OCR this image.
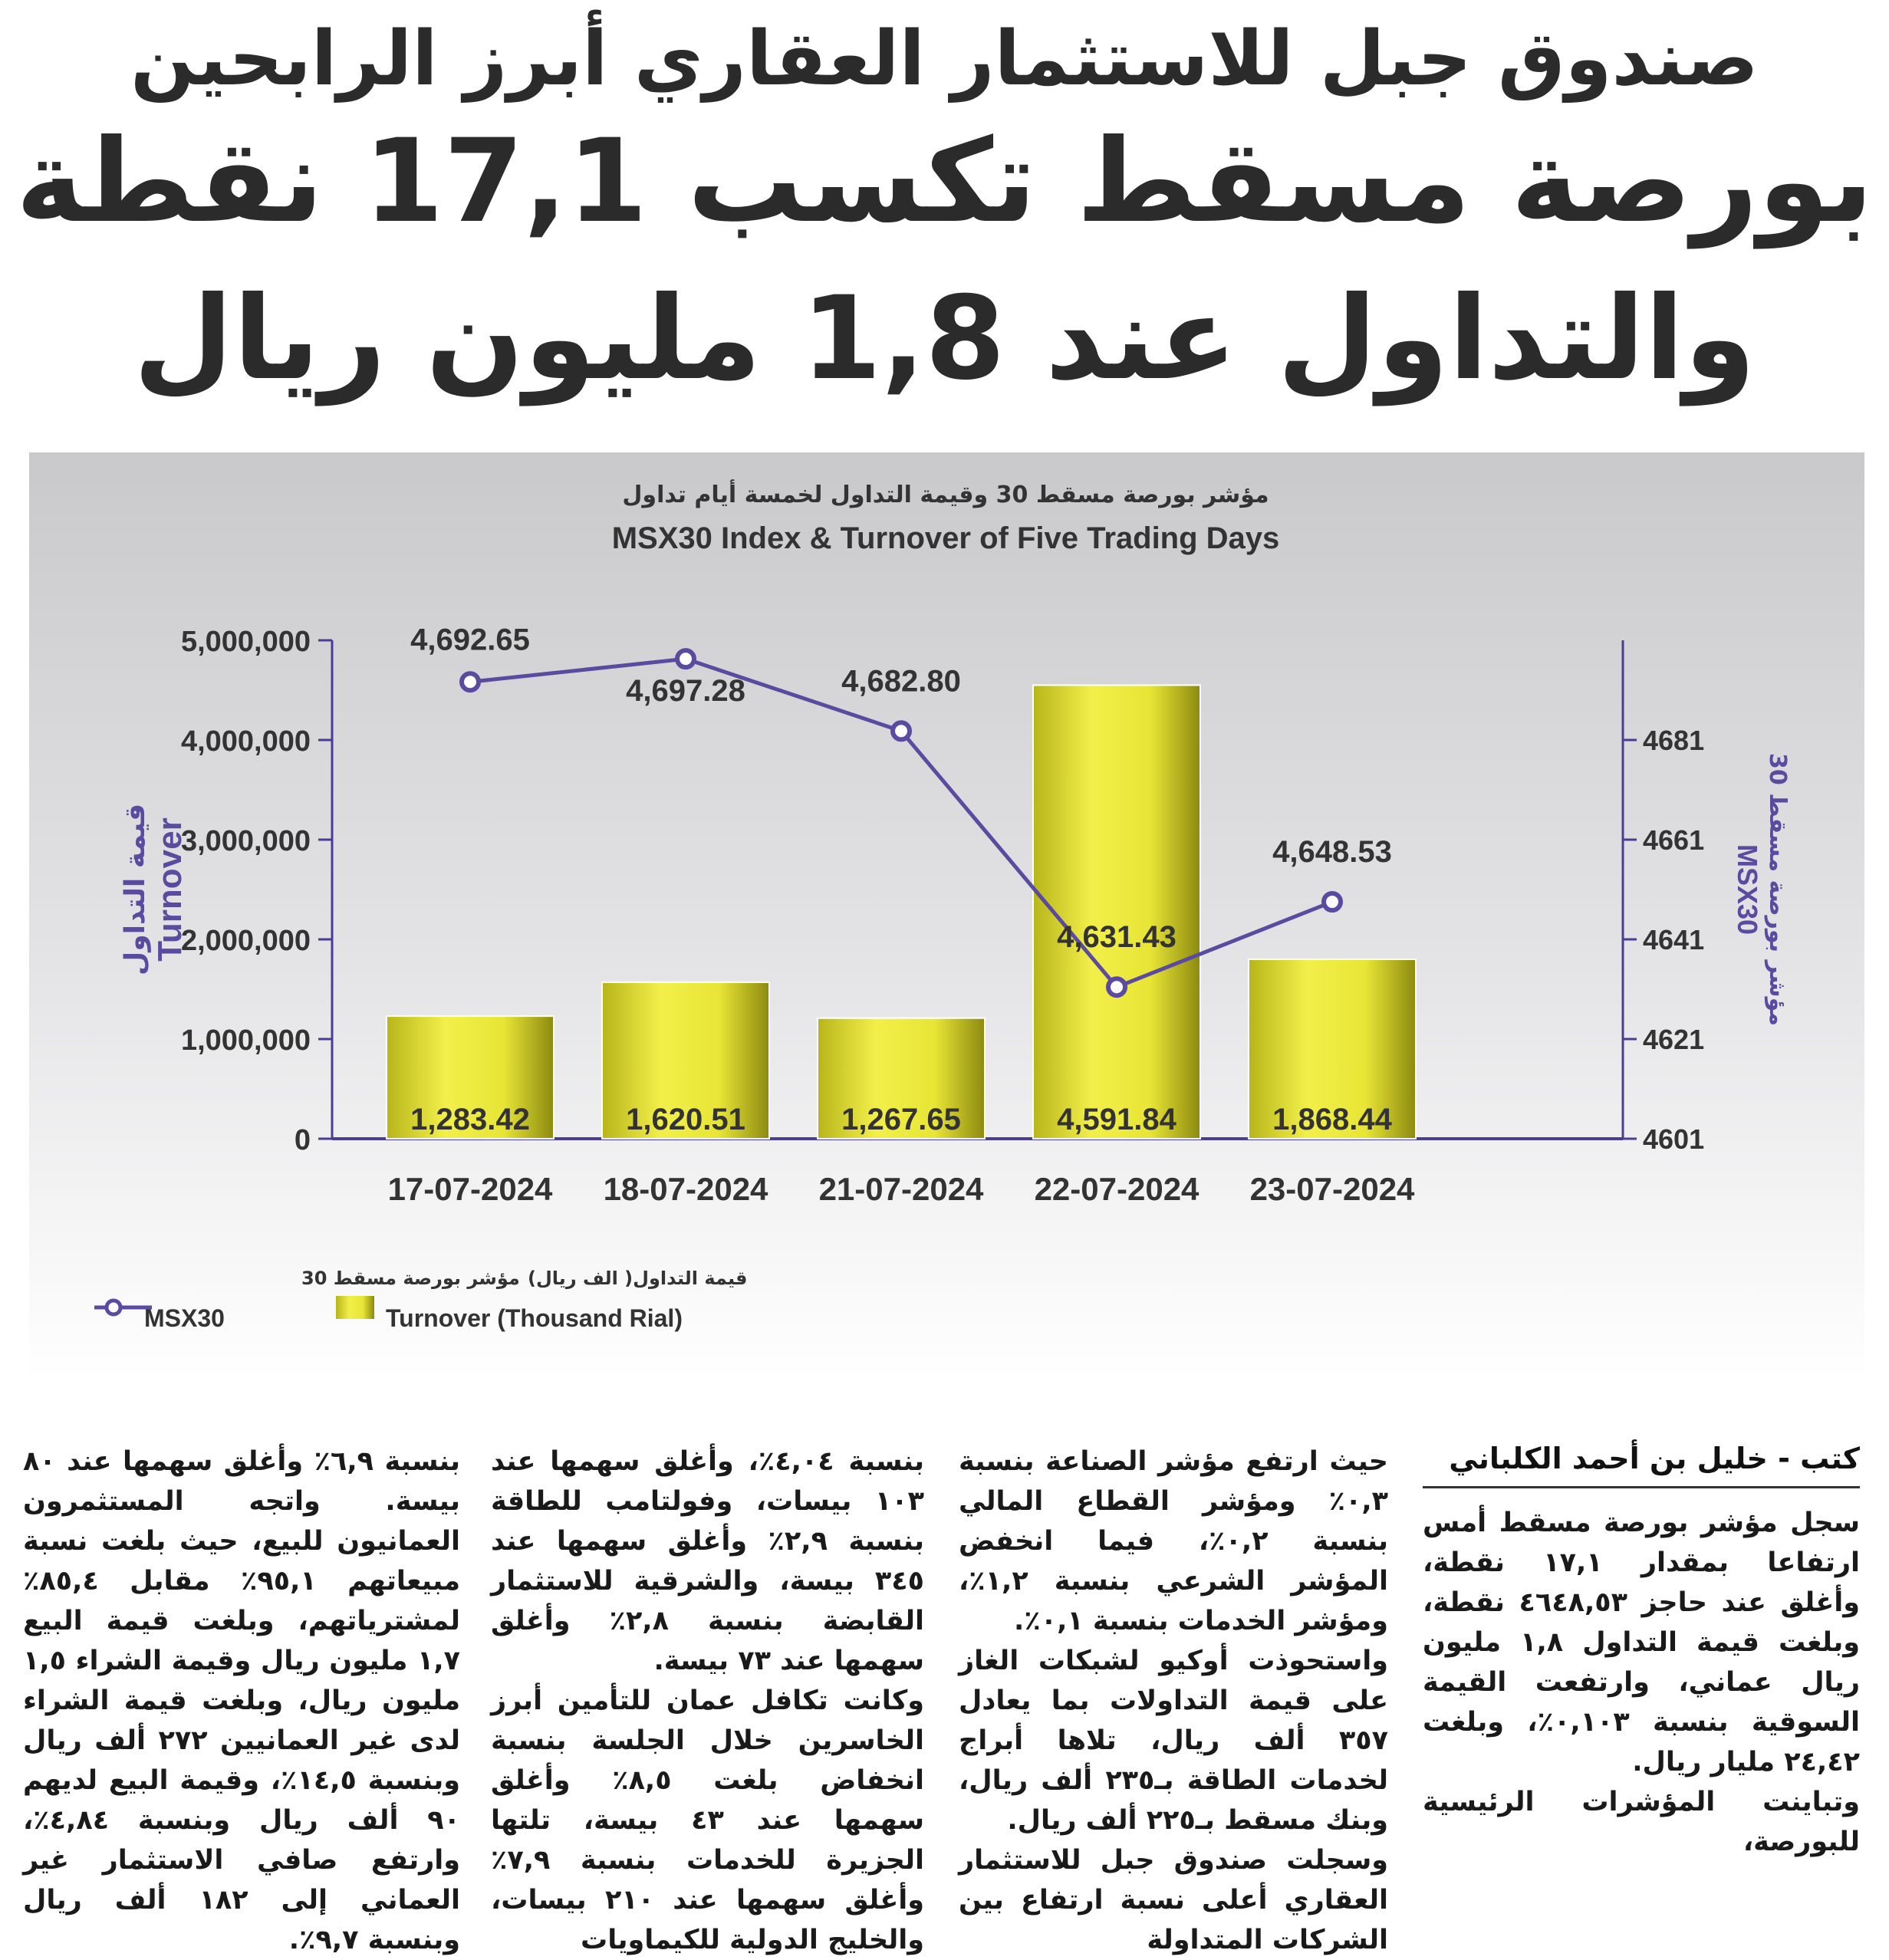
صندوق جبل للاستثمار العقاري أبرز الرابحين
بورصة مسقط تكسب 17,1 نقطة
والتداول عند 1,8 مليون ريال
مؤشر بورصة مسقط 30 وقيمة التداول لخمسة أيام تداول
MSX30 Index & Turnover of Five Trading Days
0
1,000,000
2,000,000
3,000,000
4,000,000
5,000,000
4601
4621
4641
4661
4681
1,283.42	1,620.51	1,267.65	4,591.84	1,868.44
4,692.65
4,697.28	4,682.80
4,631.43
4,648.53
17-07-2024 18-07-2024 21-07-2024 22-07-2024 23-07-2024
قيمة التداول Turnover
مؤشر بورصة مسقط 30
MSX30
مؤشر بورصة مسقط 30
MSX30
قيمة التداول( الف ريال)
Turnover (Thousand Rial)
كتب - خليل بن أحمد الكلباني

سجل مؤشر بورصة مسقط أمس ارتفاعا بمقدار ١٧,١ نقطة، وأغلق عند حاجز ٤٦٤٨,٥٣ نقطة، وبلغت قيمة التداول ١,٨ مليون ريال عماني، وارتفعت القيمة السوقية بنسبة ٠,١٠٣٪، وبلغت ٢٤,٤٢ مليار ريال.

وتباينت المؤشرات الرئيسية للبورصة،

حيث ارتفع مؤشر الصناعة بنسبة ٠,٣٪ ومؤشر القطاع المالي بنسبة ٠,٢٪، فيما انخفض المؤشر الشرعي بنسبة ١,٢٪، ومؤشر الخدمات بنسبة ٠,١٪.

واستحوذت أوكيو لشبكات الغاز على قيمة التداولات بما يعادل ٣٥٧ ألف ريال، تلاها أبراج لخدمات الطاقة بـ٢٣٥ ألف ريال، وبنك مسقط بـ٢٢٥ ألف ريال.

وسجلت صندوق جبل للاستثمار العقاري أعلى نسبة ارتفاع بين الشركات المتداولة

بنسبة ٤,٠٤٪، وأغلق سهمها عند ١٠٣ بيسات، وفولتامب للطاقة بنسبة ٢,٩٪ وأغلق سهمها عند ٣٤٥ بيسة، والشرقية للاستثمار القابضة بنسبة ٢,٨٪ وأغلق سهمها عند ٧٣ بيسة.

وكانت تكافل عمان للتأمين أبرز الخاسرين خلال الجلسة بنسبة انخفاض بلغت ٨,٥٪ وأغلق سهمها عند ٤٣ بيسة، تلتها الجزيرة للخدمات بنسبة ٧,٩٪ وأغلق سهمها عند ٢١٠ بيسات، والخليج الدولية للكيماويات

بنسبة ٦,٩٪ وأغلق سهمها عند ٨٠ بيسة. واتجه المستثمرون العمانيون للبيع، حيث بلغت نسبة مبيعاتهم ٩٥,١٪ مقابل ٨٥,٤٪ لمشترياتهم، وبلغت قيمة البيع ١,٧ مليون ريال وقيمة الشراء ١,٥ مليون ريال، وبلغت قيمة الشراء لدى غير العمانيين ٢٧٢ ألف ريال وبنسبة ١٤,٥٪، وقيمة البيع لديهم ٩٠ ألف ريال وبنسبة ٤,٨٤٪، وارتفع صافي الاستثمار غير العماني إلى ١٨٢ ألف ريال وبنسبة ٩,٧٪.
